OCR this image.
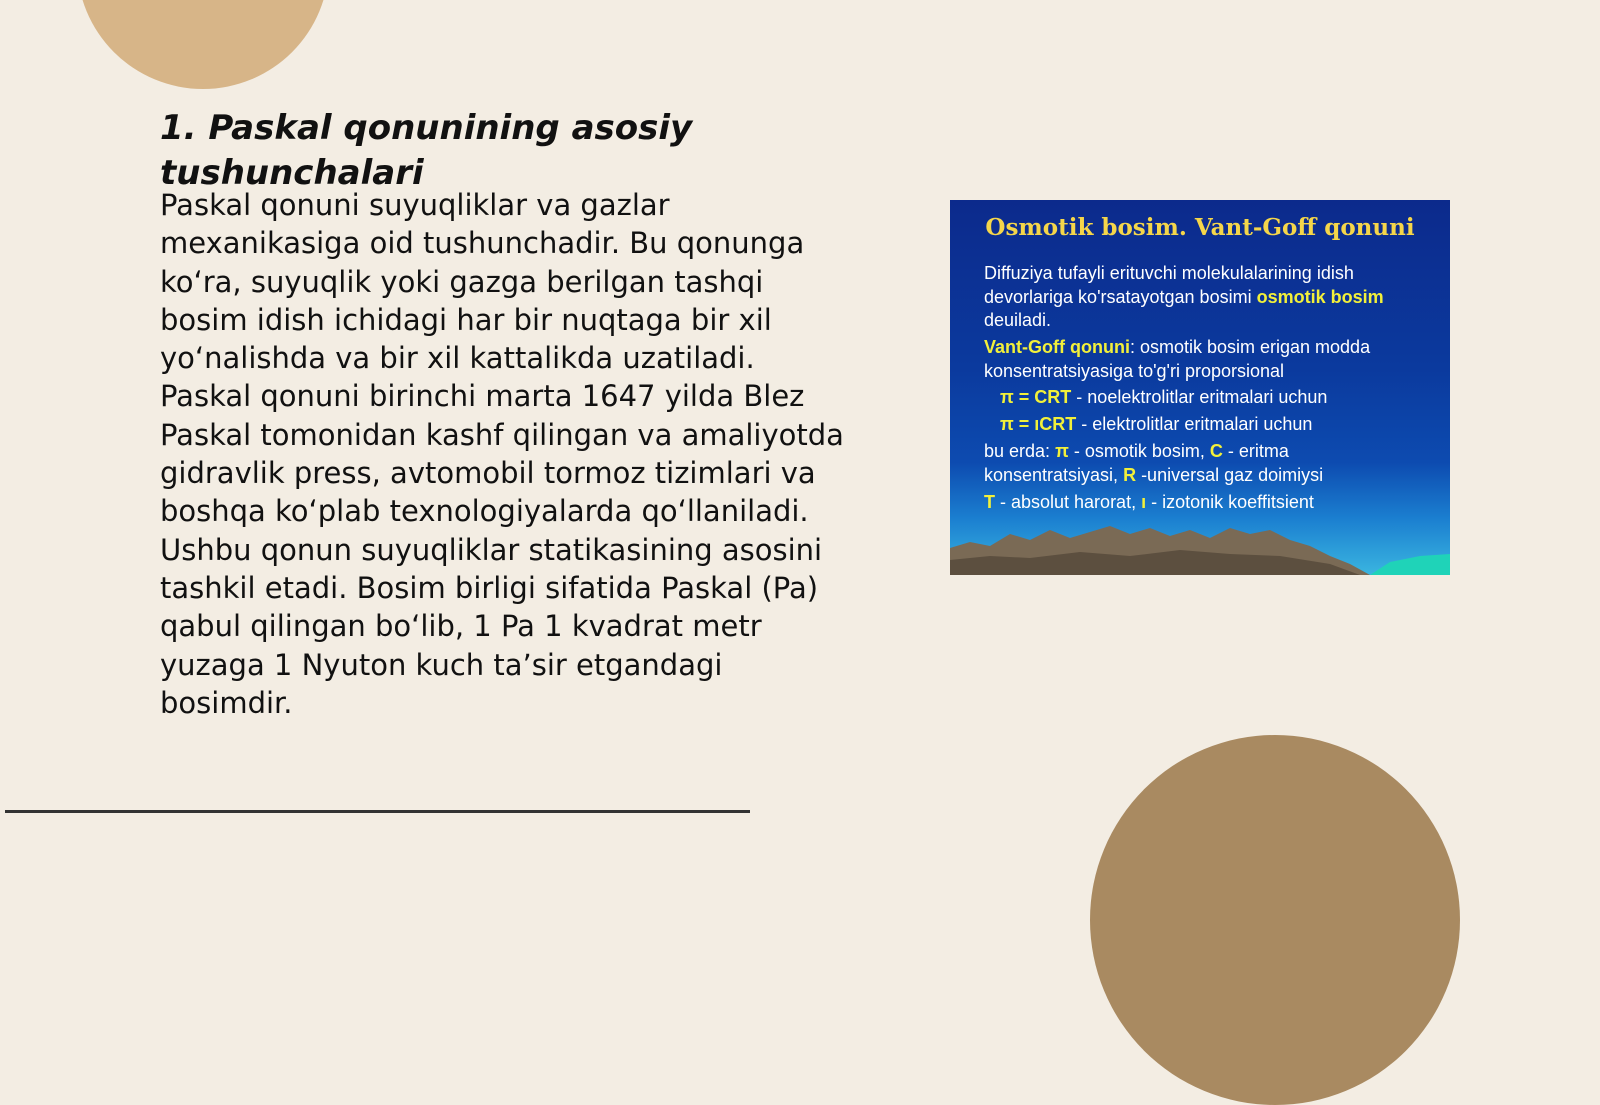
1. Paskal qonunining asosiy tushunchalari

Paskal qonuni suyuqliklar va gazlar mexanikasiga oid tushunchadir. Bu qonunga ko‘ra, suyuqlik yoki gazga berilgan tashqi bosim idish ichidagi har bir nuqtaga bir xil yo‘nalishda va bir xil kattalikda uzatiladi. Paskal qonuni birinchi marta 1647 yilda Blez Paskal tomonidan kashf qilingan va amaliyotda gidravlik press, avtomobil tormoz tizimlari va boshqa ko‘plab texnologiyalarda qo‘llaniladi. Ushbu qonun suyuqliklar statikasining asosini tashkil etadi. Bosim birligi sifatida Paskal (Pa) qabul qilingan bo‘lib, 1 Pa 1 kvadrat metr yuzaga 1 Nyuton kuch ta’sir etgandagi bosimdir.

Osmotik bosim. Vant-Goff qonuni
Diffuziya tufayli erituvchi molekulalarining idish
devorlariga ko'rsatayotgan bosimi osmotik bosim
deuiladi.
Vant-Goff qonuni: osmotik bosim erigan modda
konsentratsiyasiga to'g'ri proporsional
π = CRT - noelektrolitlar eritmalari uchun
π = ıCRT - elektrolitlar eritmalari uchun
bu erda: π - osmotik bosim, C - eritma
konsentratsiyasi, R -universal gaz doimiysi
T - absolut harorat, ı - izotonik koeffitsient
